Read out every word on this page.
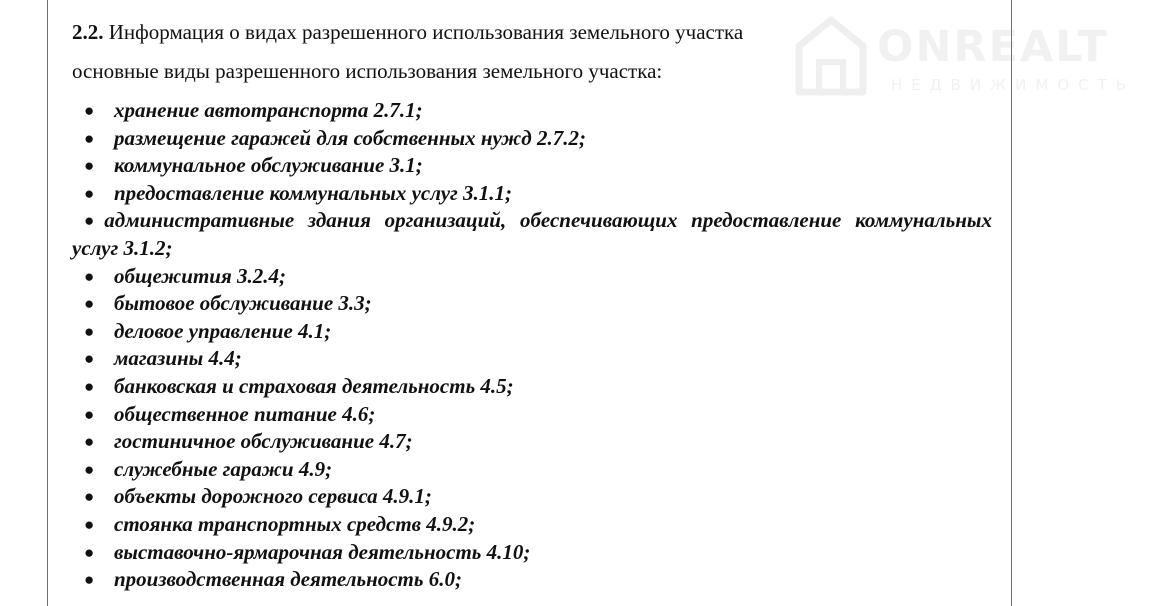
2.2. Информация о видах разрешенного использования земельного участка
основные виды разрешенного использования земельного участка:
● хранение автотранспорта 2.7.1;
● размещение гаражей для собственных нужд 2.7.2;
● коммунальное обслуживание 3.1;
● предоставление коммунальных услуг 3.1.1;
● административные здания организаций, обеспечивающих предоставление коммунальных услуг 3.1.2;
● общежития 3.2.4;
● бытовое обслуживание 3.3;
● деловое управление 4.1;
● магазины 4.4;
● банковская и страховая деятельность 4.5;
● общественное питание 4.6;
● гостиничное обслуживание 4.7;
● служебные гаражи 4.9;
● объекты дорожного сервиса 4.9.1;
● стоянка транспортных средств 4.9.2;
● выставочно-ярмарочная деятельность 4.10;
● производственная деятельность 6.0;
ONREALT
НЕДВИЖИМОСТЬ
